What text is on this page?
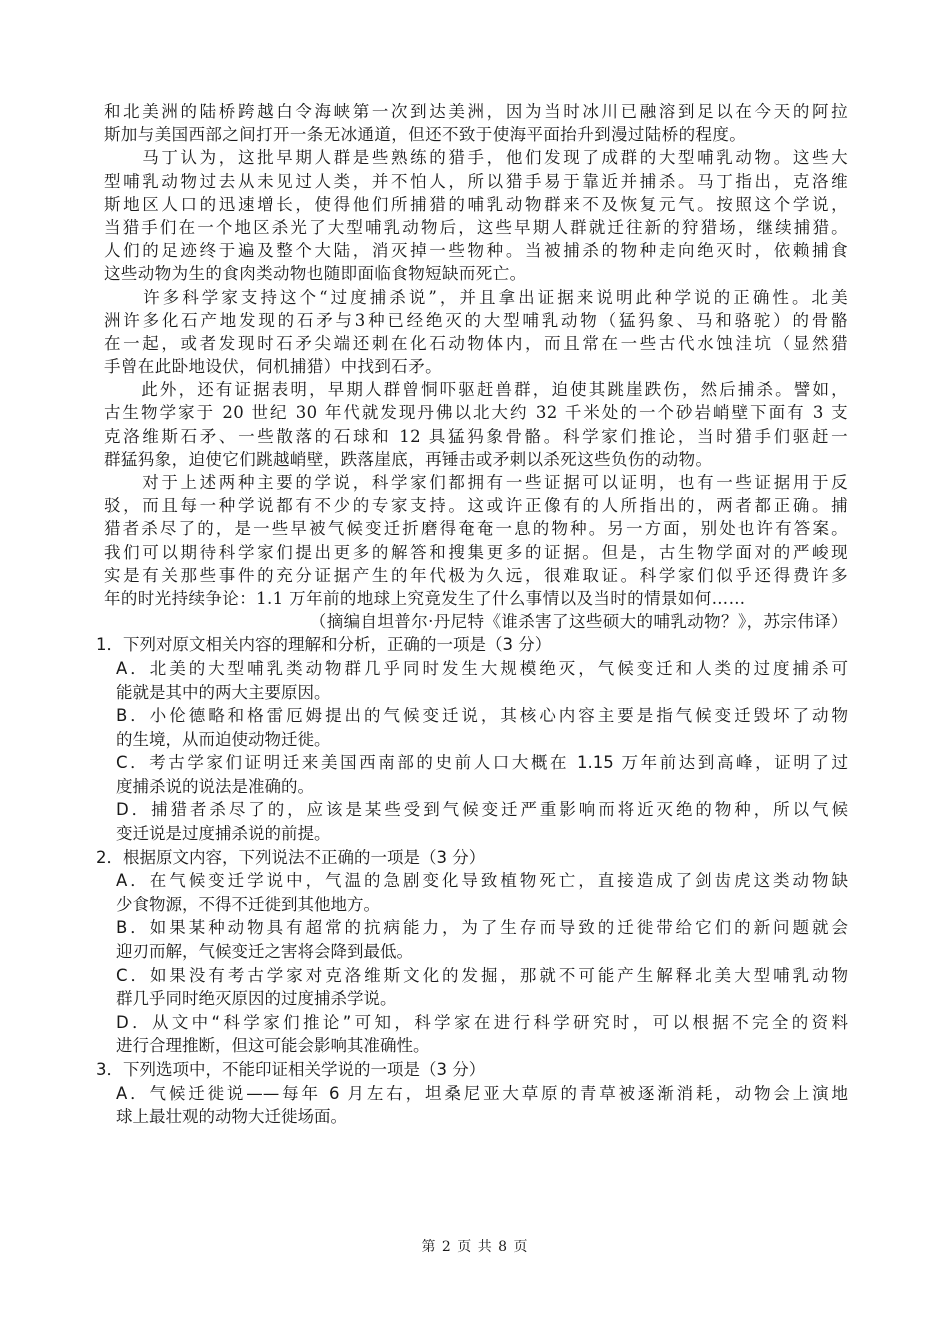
和北美洲的陆桥跨越白令海峡第一次到达美洲，因为当时冰川已融溶到足以在今天的阿拉
斯加与美国西部之间打开一条无冰通道，但还不致于使海平面抬升到漫过陆桥的程度。
　　马丁认为，这批早期人群是些熟练的猎手，他们发现了成群的大型哺乳动物。这些大
型哺乳动物过去从未见过人类，并不怕人，所以猎手易于靠近并捕杀。马丁指出，克洛维
斯地区人口的迅速增长，使得他们所捕猎的哺乳动物群来不及恢复元气。按照这个学说，
当猎手们在一个地区杀光了大型哺乳动物后，这些早期人群就迁往新的狩猎场，继续捕猎。
人们的足迹终于遍及整个大陆，消灭掉一些物种。当被捕杀的物种走向绝灭时，依赖捕食
这些动物为生的食肉类动物也随即面临食物短缺而死亡。
　　许多科学家支持这个“过度捕杀说”，并且拿出证据来说明此种学说的正确性。北美
洲许多化石产地发现的石矛与3种已经绝灭的大型哺乳动物（猛犸象、马和骆驼）的骨骼
在一起，或者发现时石矛尖端还刺在化石动物体内，而且常在一些古代水蚀洼坑（显然猎
手曾在此卧地设伏，伺机捕猎）中找到石矛。
　　此外，还有证据表明，早期人群曾恫吓驱赶兽群，迫使其跳崖跌伤，然后捕杀。譬如，
古生物学家于 20 世纪 30 年代就发现丹佛以北大约 32 千米处的一个砂岩峭壁下面有 3 支
克洛维斯石矛、一些散落的石球和 12 具猛犸象骨骼。科学家们推论，当时猎手们驱赶一
群猛犸象，迫使它们跳越峭壁，跌落崖底，再锤击或矛刺以杀死这些负伤的动物。
　　对于上述两种主要的学说，科学家们都拥有一些证据可以证明，也有一些证据用于反
驳，而且每一种学说都有不少的专家支持。这或许正像有的人所指出的，两者都正确。捕
猎者杀尽了的，是一些早被气候变迁折磨得奄奄一息的物种。另一方面，别处也许有答案。
我们可以期待科学家们提出更多的解答和搜集更多的证据。但是，古生物学面对的严峻现
实是有关那些事件的充分证据产生的年代极为久远，很难取证。科学家们似乎还得费许多
年的时光持续争论：1.1 万年前的地球上究竟发生了什么事情以及当时的情景如何……
（摘编自坦普尔·丹尼特《谁杀害了这些硕大的哺乳动物？》，苏宗伟译）
1．下列对原文相关内容的理解和分析，正确的一项是（3 分）
A．北美的大型哺乳类动物群几乎同时发生大规模绝灭，气候变迁和人类的过度捕杀可
能就是其中的两大主要原因。
B．小伦德略和格雷厄姆提出的气候变迁说，其核心内容主要是指气候变迁毁坏了动物
的生境，从而迫使动物迁徙。
C．考古学家们证明迁来美国西南部的史前人口大概在 1.15 万年前达到高峰，证明了过
度捕杀说的说法是准确的。
D．捕猎者杀尽了的，应该是某些受到气候变迁严重影响而将近灭绝的物种，所以气候
变迁说是过度捕杀说的前提。
2．根据原文内容，下列说法不正确的一项是（3 分）
A．在气候变迁学说中，气温的急剧变化导致植物死亡，直接造成了剑齿虎这类动物缺
少食物源，不得不迁徙到其他地方。
B．如果某种动物具有超常的抗病能力，为了生存而导致的迁徙带给它们的新问题就会
迎刃而解，气候变迁之害将会降到最低。
C．如果没有考古学家对克洛维斯文化的发掘，那就不可能产生解释北美大型哺乳动物
群几乎同时绝灭原因的过度捕杀学说。
D．从文中“科学家们推论”可知，科学家在进行科学研究时，可以根据不完全的资料
进行合理推断，但这可能会影响其准确性。
3．下列选项中，不能印证相关学说的一项是（3 分）
A．气候迁徙说——每年 6 月左右，坦桑尼亚大草原的青草被逐渐消耗，动物会上演地
球上最壮观的动物大迁徙场面。
第 2 页 共 8 页
